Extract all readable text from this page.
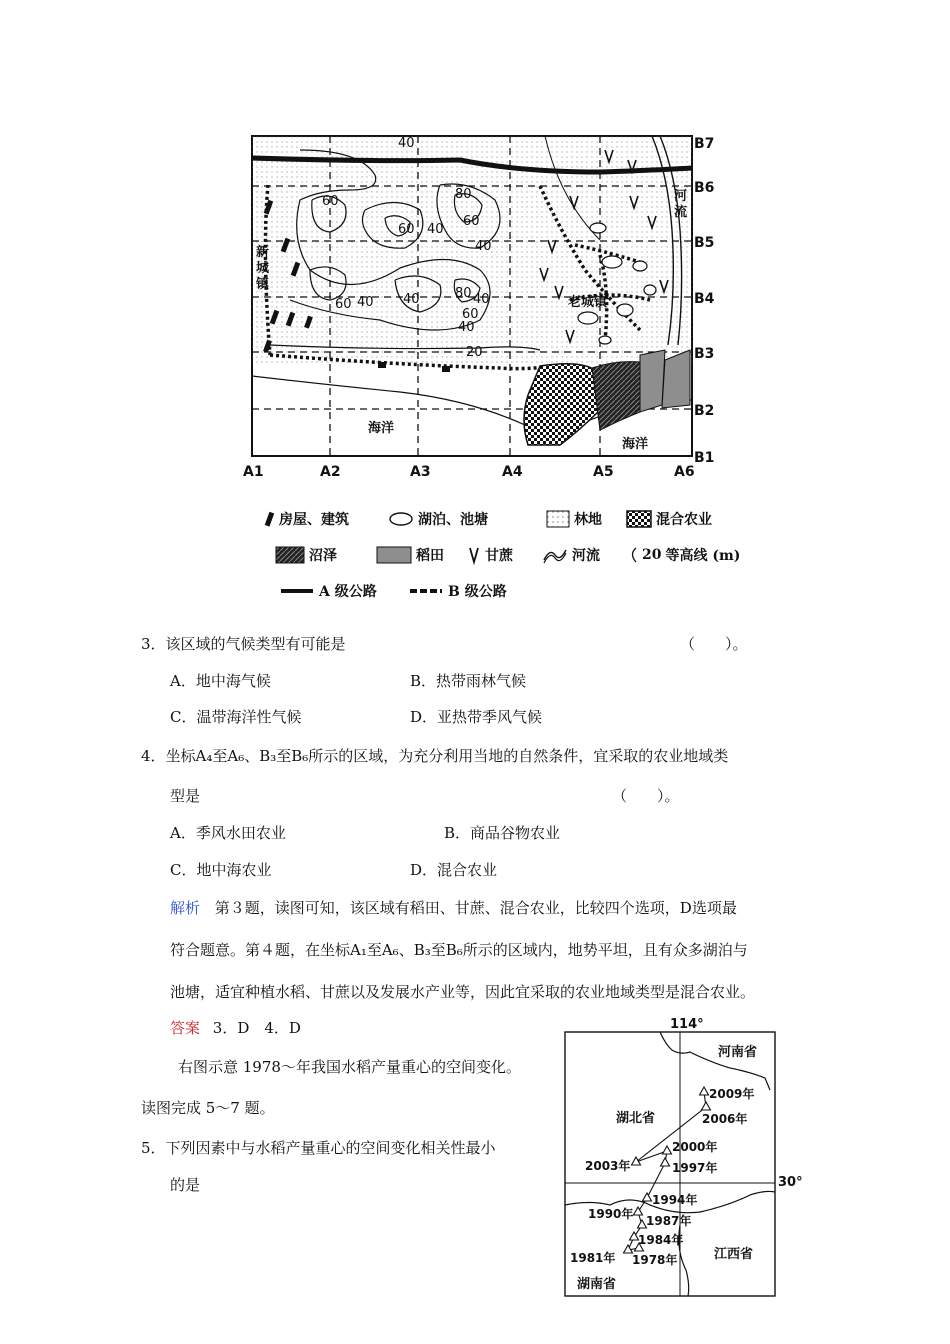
40
60	80
60
40
60 40
80 40
60
40
60 40
20
40
新城镇
老城镇
河流
海洋
海洋
A1	A2	A3	A4	A5	A6
B1
B2
B3
B4
B5
B6
B7
房屋、建筑	湖泊、池塘	林地	混合农业
沼泽	稻田	甘蔗	河流	20 等高线 (m)
A 级公路	B 级公路
3．该区域的气候类型有可能是	（　　）。
A．地中海气候	B．热带雨林气候
C．温带海洋性气候	D．亚热带季风气候
4．坐标A₄至A₆、B₃至B₆所示的区域，为充分利用当地的自然条件，宜采取的农业地域类
型是	（　　）。
A．季风水田农业	B．商品谷物农业
C．地中海农业	D．混合农业
解析 第３题，读图可知，该区域有稻田、甘蔗、混合农业，比较四个选项，D选项最
符合题意。第４题，在坐标A₁至A₆、B₃至B₆所示的区域内，地势平坦，且有众多湖泊与
池塘，适宜种植水稻、甘蔗以及发展水产业等，因此宜采取的农业地域类型是混合农业。
答案 3．D　4．D
右图示意 1978～年我国水稻产量重心的空间变化。
读图完成 5～7 题。
5．下列因素中与水稻产量重心的空间变化相关性最小
的是
114°
30°
河南省
湖北省
江西省
湖南省
1978年
1981年
1984年
1987年
1990年
1994年
1997年
2000年
2003年
2006年
2009年
